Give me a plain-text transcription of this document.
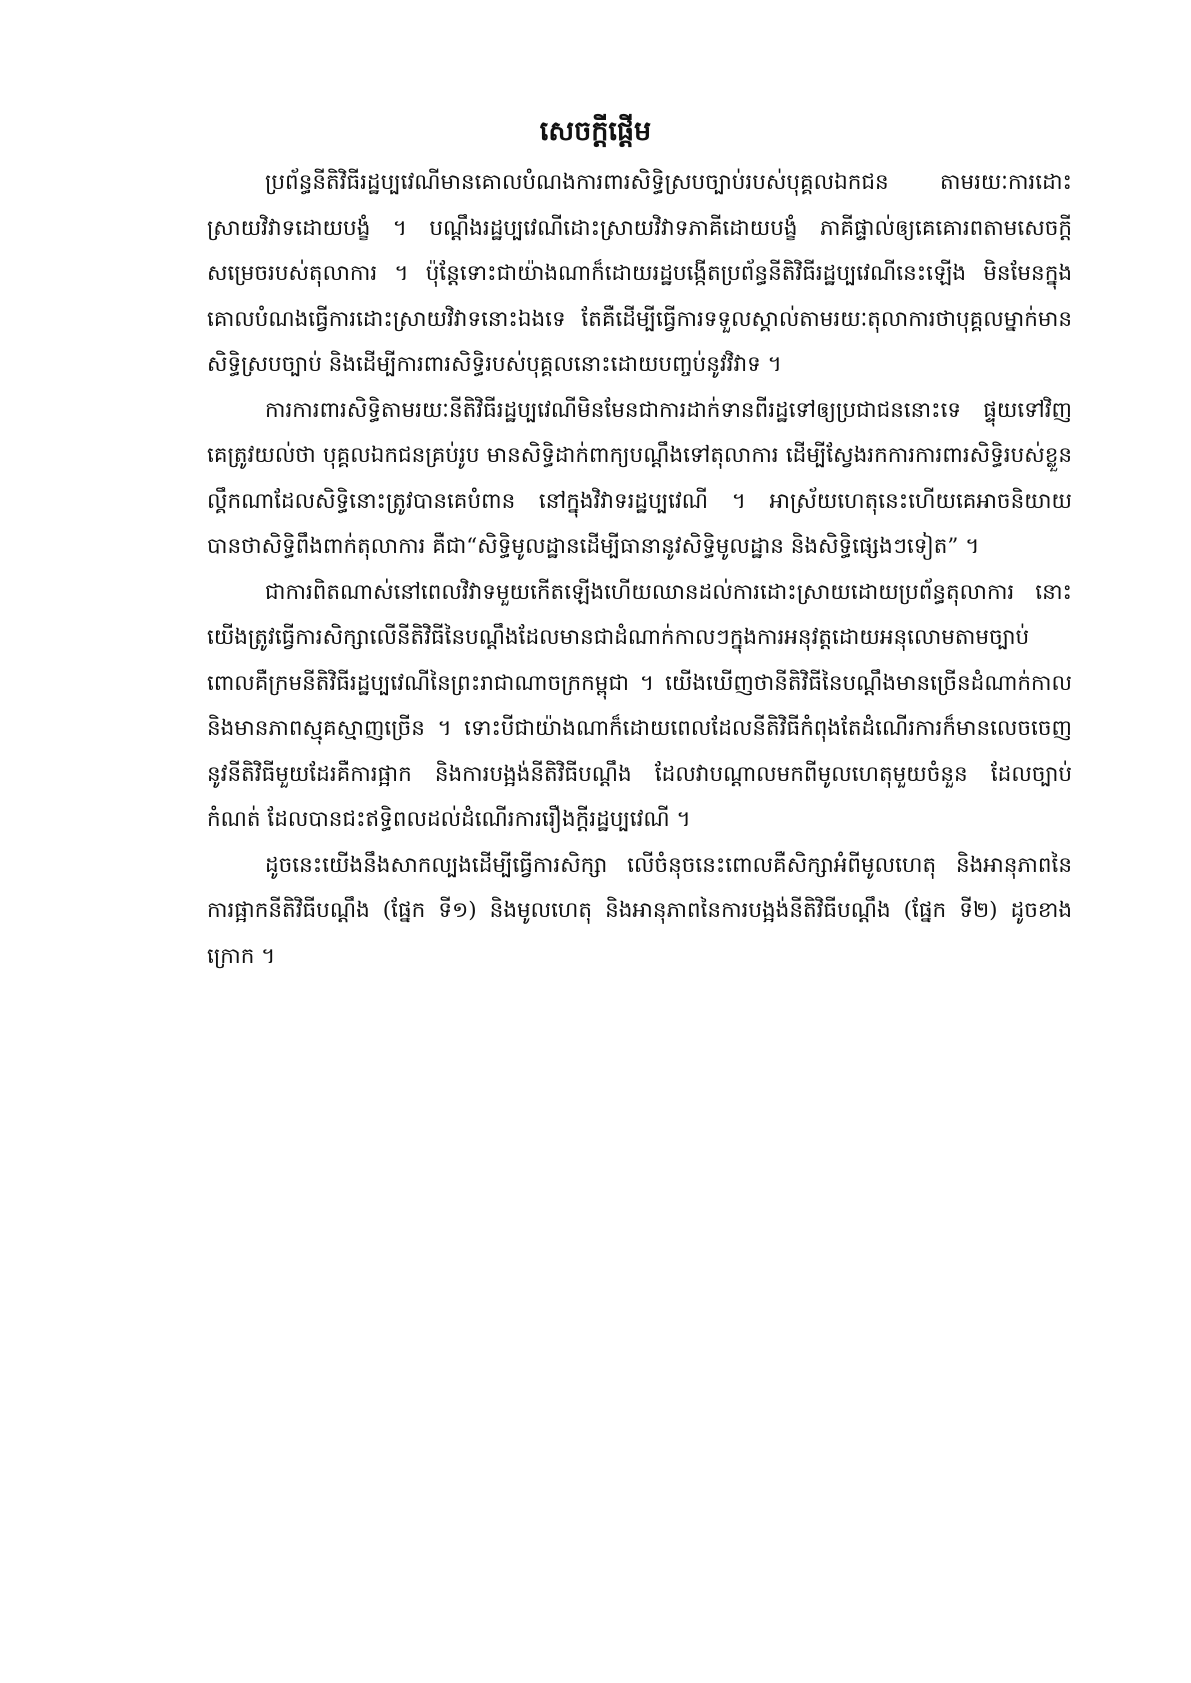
សេចក្ដីផ្ដើម

ប្រព័ន្ធនីតិវិធីរដ្ឋប្បវេណីមានគោលបំណងការពារសិទ្ធិស្របច្បាប់របស់បុគ្គលឯកជន តាមរយៈការដោះស្រាយវិវាទដោយបង្ខំ ។ បណ្តឹងរដ្ឋប្បវេណីដោះស្រាយវិវាទភាគីដោយបង្ខំ ភាគីផ្ទាល់ឲ្យគេគោរពតាមសេចក្តីសម្រេចរបស់តុលាការ ។ ប៉ុន្តែទោះជាយ៉ាងណាក៏ដោយរដ្ឋបង្កើតប្រព័ន្ធនីតិវិធីរដ្ឋប្បវេណីនេះឡើង មិនមែនក្នុងគោលបំណងធ្វើការដោះស្រាយវិវាទនោះឯងទេ តែគឺដើម្បីធ្វើការទទួលស្គាល់តាមរយៈតុលាការថាបុគ្គលម្នាក់មានសិទ្ធិស្របច្បាប់ និងដើម្បីការពារសិទ្ធិរបស់បុគ្គលនោះដោយបញ្ចប់នូវវិវាទ ។

ការការពារសិទ្ធិតាមរយៈនីតិវិធីរដ្ឋប្បវេណីមិនមែនជាការដាក់ទានពីរដ្ឋទៅឲ្យប្រជាជននោះទេ ផ្ទុយទៅវិញគេត្រូវយល់ថា បុគ្គលឯកជនគ្រប់រូប មានសិទ្ធិដាក់ពាក្យបណ្តឹងទៅតុលាការ ដើម្បីស្វែងរកការការពារសិទ្ធិរបស់ខ្លួន ល្គឹកណាដែលសិទ្ធិនោះត្រូវបានគេបំពាន នៅក្នុងវិវាទរដ្ឋប្បវេណី ។ អាស្រ័យហេតុនេះហើយគេអាចនិយាយបានថាសិទ្ធិពឹងពាក់តុលាការ គឺជា“សិទ្ធិមូលដ្ឋានដើម្បីធានានូវសិទ្ធិមូលដ្ឋាន និងសិទ្ធិផ្សេងៗទៀត” ។

ជាការពិតណាស់នៅពេលវិវាទមួយកើតឡើងហើយឈានដល់ការដោះស្រាយដោយប្រព័ន្ធតុលាការ នោះយើងត្រូវធ្វើការសិក្សាលើនីតិវិធីនៃបណ្តឹងដែលមានជាដំណាក់កាលៗក្នុងការអនុវត្តដោយអនុលោមតាមច្បាប់ពោលគឺក្រមនីតិវិធីរដ្ឋប្បវេណីនៃព្រះរាជាណាចក្រកម្ពុជា ។ យើងឃើញថានីតិវិធីនៃបណ្តឹងមានច្រើនដំណាក់កាល និងមានភាពស្មុគស្មាញច្រើន ។ ទោះបីជាយ៉ាងណាក៏ដោយពេលដែលនីតិវិធីកំពុងតែដំណើរការក៏មានលេចចេញនូវនីតិវិធីមួយដែរគឺការផ្អាក និងការបង្អង់នីតិវិធីបណ្តឹង ដែលវាបណ្តាលមកពីមូលហេតុមួយចំនួន ដែលច្បាប់កំណត់ ដែលបានជះឥទ្ធិពលដល់ដំណើរការរឿងក្តីរដ្ឋប្បវេណី ។

ដូចនេះយើងនឹងសាកល្បងដើម្បីធ្វើការសិក្សា លើចំនុចនេះពោលគឺសិក្សាអំពីមូលហេតុ និងអានុភាពនៃការផ្អាកនីតិវិធីបណ្តឹង (ផ្នែក ទី១) និងមូលហេតុ និងអានុភាពនៃការបង្អង់នីតិវិធីបណ្តឹង (ផ្នែក ទី២) ដូចខាងក្រោក ។
